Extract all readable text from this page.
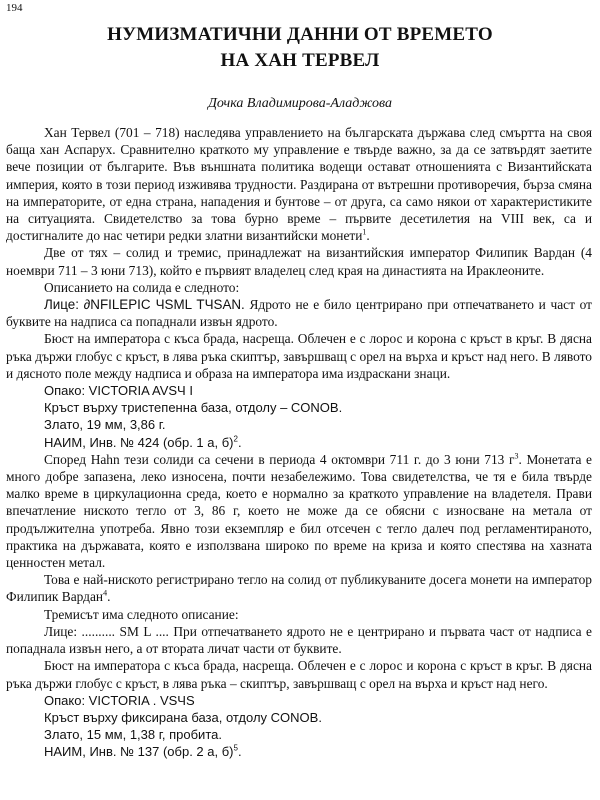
194
НУМИЗМАТИЧНИ ДАННИ ОТ ВРЕМЕТО
НА ХАН ТЕРВЕЛ
Дочка Владимирова-Аладжова

Хан Тервел (701 – 718) наследява управлението на българската държава след смъртта на своя баща хан Аспарух. Сравнително краткото му управление е твърде важно, за да се затвърдят заетите вече позиции от българите. Във външната политика водещи остават отношенията с Византийската империя, която в този период изживява трудности. Раздирана от вътрешни противоречия, бърза смяна на императорите, от една страна, нападения и бунтове – от друга, са само някои от характеристиките на ситуацията. Свидетелство за това бурно време – първите десетилетия на VIII век, са и достигналите до нас четири редки златни византийски монети$^1$.

Две от тях – солид и тремис, принадлежат на византийския император Филипик Вардан (4 ноември 711 – 3 юни 713), който е първият владелец след края на династията на Ираклеоните.

Описанието на солида е следното:

Лице: ∂NFILEPIC ЧSML TЧSAN. Ядрото не е било центрирано при отпечатването и част от буквите на надписа са попаднали извън ядрото.

Бюст на императора с къса брада, насреща. Облечен е с лорос и корона с кръст в кръг. В дясна ръка държи глобус с кръст, в лява ръка скиптър, завършващ с орел на върха и кръст над него. В лявото и дясното поле между надписа и образа на императора има издраскани знаци.

Опако: VICTORIA AVSЧ I

Кръст върху тристепенна база, отдолу – CONOB.

Злато, 19 мм, 3,86 г.

НАИМ, Инв. № 424 (обр. 1 а, б)$^2$.

Според Hahn тези солиди са сечени в периода 4 октомври 711 г. до 3 юни 713 $г^3$. Монетата е много добре запазена, леко износена, почти незабележимо. Това свидетелства, че тя е била твърде малко време в циркулационна среда, което е нормално за краткото управление на владетеля. Прави впечатление ниското тегло от 3, 86 г, което не може да се обясни с износване на метала от продължителна употреба. Явно този екземпляр е бил отсечен с тегло далеч под регламентираното, практика на държавата, която е използвана широко по време на криза и която спестява на хазната ценностен метал.

Това е най-ниското регистрирано тегло на солид от публикуваните досега монети на император Филипик Вардан$^4$.

Тремисът има следното описание:

Лице: .......... SM L .... При отпечатването ядрото не е центрирано и първата част от надписа е попаднала извън него, а от втората личат части от буквите.

Бюст на императора с къса брада, насреща. Облечен е с лорос и корона с кръст в кръг. В дясна ръка държи глобус с кръст, в лява ръка – скиптър, завършващ с орел на върха и кръст над него.

Опако: VICTORIA . VSЧS

Кръст върху фиксирана база, отдолу CONOB.

Злато, 15 мм, 1,38 г, пробита.

НАИМ, Инв. № 137 (обр. 2 а, б)$^5$.
